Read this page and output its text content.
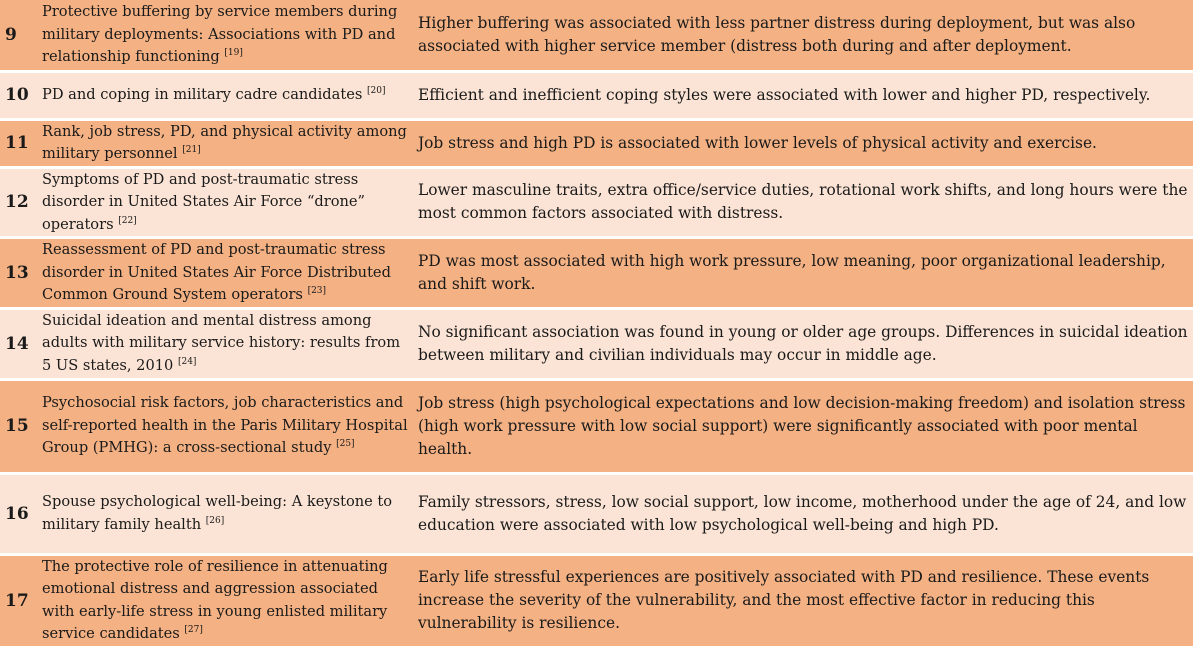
9	Protective buffering by service members during military deployments: Associations with PD and relationship functioning [19]	Higher buffering was associated with less partner distress during deployment, but was also associated with higher service member (distress both during and after deployment.
10	PD and coping in military cadre candidates [20]	Efficient and inefficient coping styles were associated with lower and higher PD, respectively.
11	Rank, job stress, PD, and physical activity among military personnel [21]	Job stress and high PD is associated with lower levels of physical activity and exercise.
12	Symptoms of PD and post-traumatic stress disorder in United States Air Force “drone” operators [22]	Lower masculine traits, extra office/service duties, rotational work shifts, and long hours were the most common factors associated with distress.
13	Reassessment of PD and post-traumatic stress disorder in United States Air Force Distributed Common Ground System operators [23]	PD was most associated with high work pressure, low meaning, poor organizational leadership, and shift work.
14	Suicidal ideation and mental distress among adults with military service history: results from 5 US states, 2010 [24]	No significant association was found in young or older age groups. Differences in suicidal ideation between military and civilian individuals may occur in middle age.
15	Psychosocial risk factors, job characteristics and self-reported health in the Paris Military Hospital Group (PMHG): a cross-sectional study [25]	Job stress (high psychological expectations and low decision-making freedom) and isolation stress (high work pressure with low social support) were significantly associated with poor mental health.
16	Spouse psychological well-being: A keystone to military family health [26]	Family stressors, stress, low social support, low income, motherhood under the age of 24, and low education were associated with low psychological well-being and high PD.
17	The protective role of resilience in attenuating emotional distress and aggression associated with early-life stress in young enlisted military service candidates [27]	Early life stressful experiences are positively associated with PD and resilience. These events increase the severity of the vulnerability, and the most effective factor in reducing this vulnerability is resilience.
